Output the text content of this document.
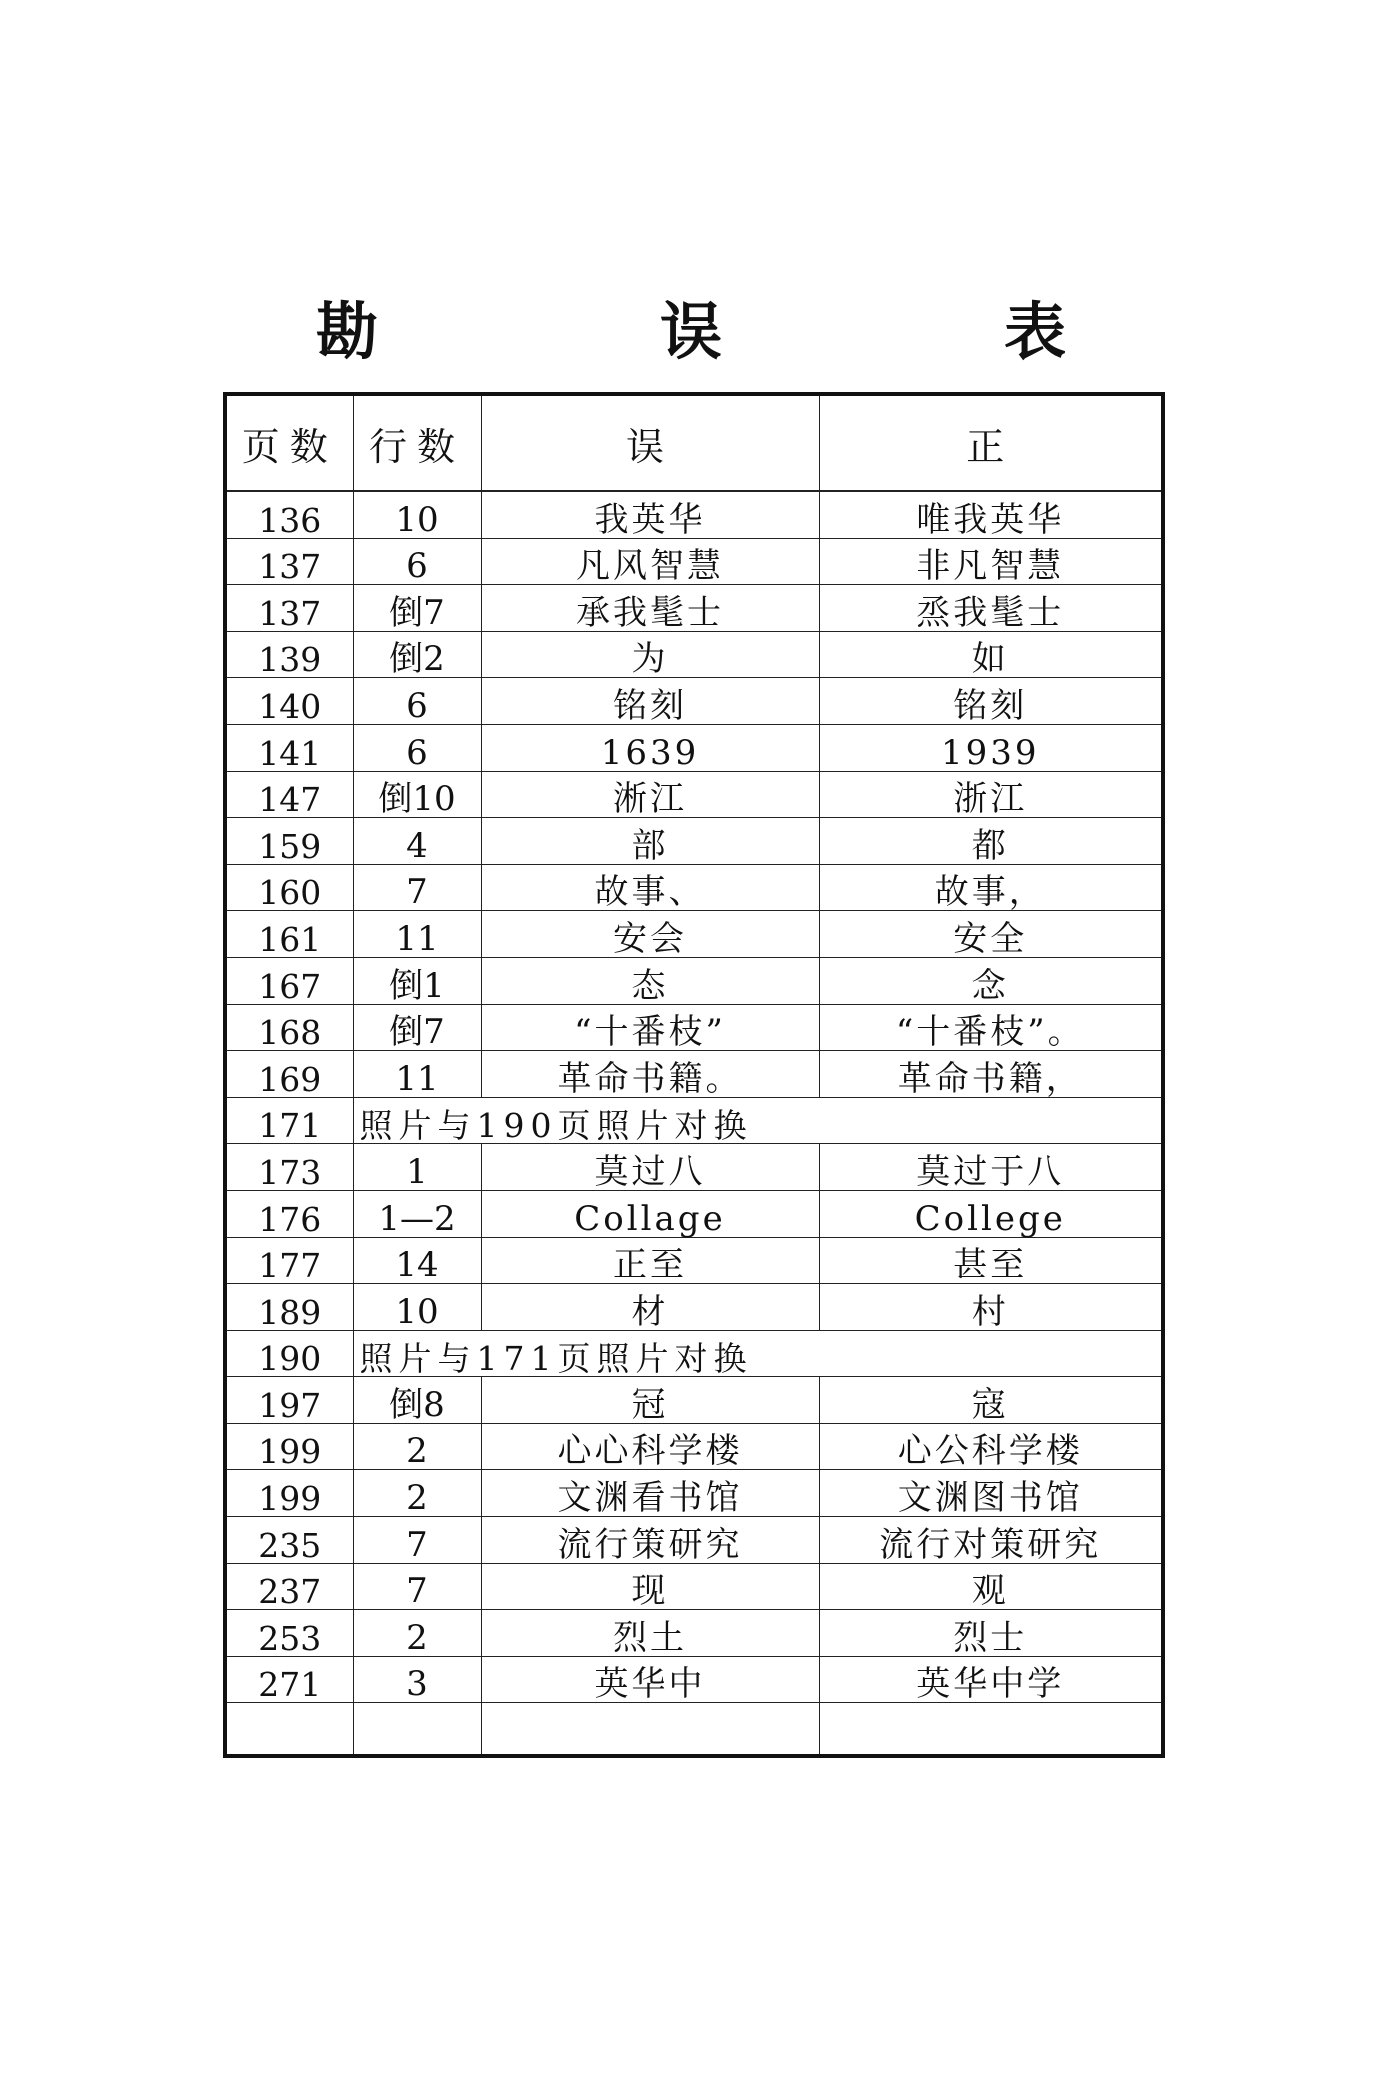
勘　误　表
页数	行数	误	正
136	10	我英华	唯我英华
137	6	凡风智慧	非凡智慧
137	倒7	承我髦士	烝我髦士
139	倒2	为	如
140	6	铭刻	铭刻
141	6	1639	1939
147	倒10	淅江	浙江
159	4	部	都
160	7	故事、	故事，
161	11	安会	安全
167	倒1	态	念
168	倒7	“十番枝”	“十番枝”。
169	11	革命书籍。	革命书籍，
171	照片与190页照片对换		
173	1	莫过八	莫过于八
176	1—2	Collage	College
177	14	正至	甚至
189	10	材	村
190	照片与171页照片对换		
197	倒8	冠	寇
199	2	心心科学楼	心公科学楼
199	2	文渊看书馆	文渊图书馆
235	7	流行策研究	流行对策研究
237	7	现	观
253	2	烈土	烈士
271	3	英华中	英华中学
